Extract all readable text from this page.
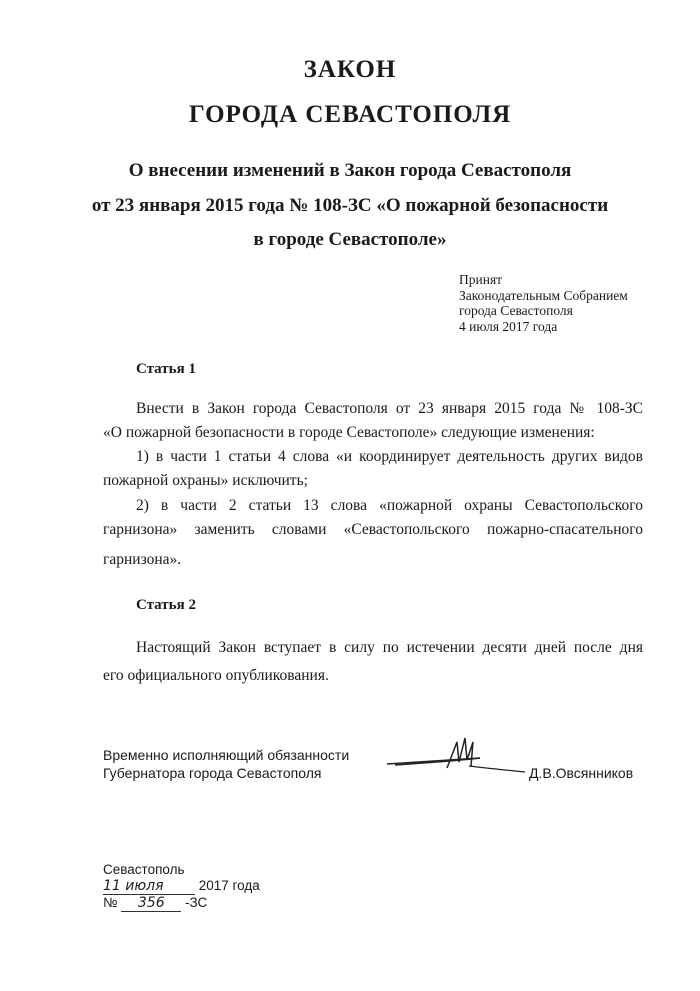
ЗАКОН
ГОРОДА СЕВАСТОПОЛЯ
О внесении изменений в Закон города Севастополя
от 23 января 2015 года № 108-ЗС «О пожарной безопасности
в городе Севастополе»
Принят
Законодательным Собранием
города Севастополя
4 июля 2017 года
Статья 1
Внести в Закон города Севастополя от 23 января 2015 года № 108-ЗС
«О пожарной безопасности в городе Севастополе» следующие изменения:
1) в части 1 статьи 4 слова «и координирует деятельность других видов
пожарной охраны» исключить;
2) в части 2 статьи 13 слова «пожарной охраны Севастопольского
гарнизона» заменить словами «Севастопольского пожарно-спасательного
гарнизона».
Статья 2
Настоящий Закон вступает в силу по истечении десяти дней после дня
его официального опубликования.
Временно исполняющий обязанности
Губернатора города Севастополя	Д.В.Овсянников
Севастополь
11 июля	2017 года
№ 356 -ЗС
